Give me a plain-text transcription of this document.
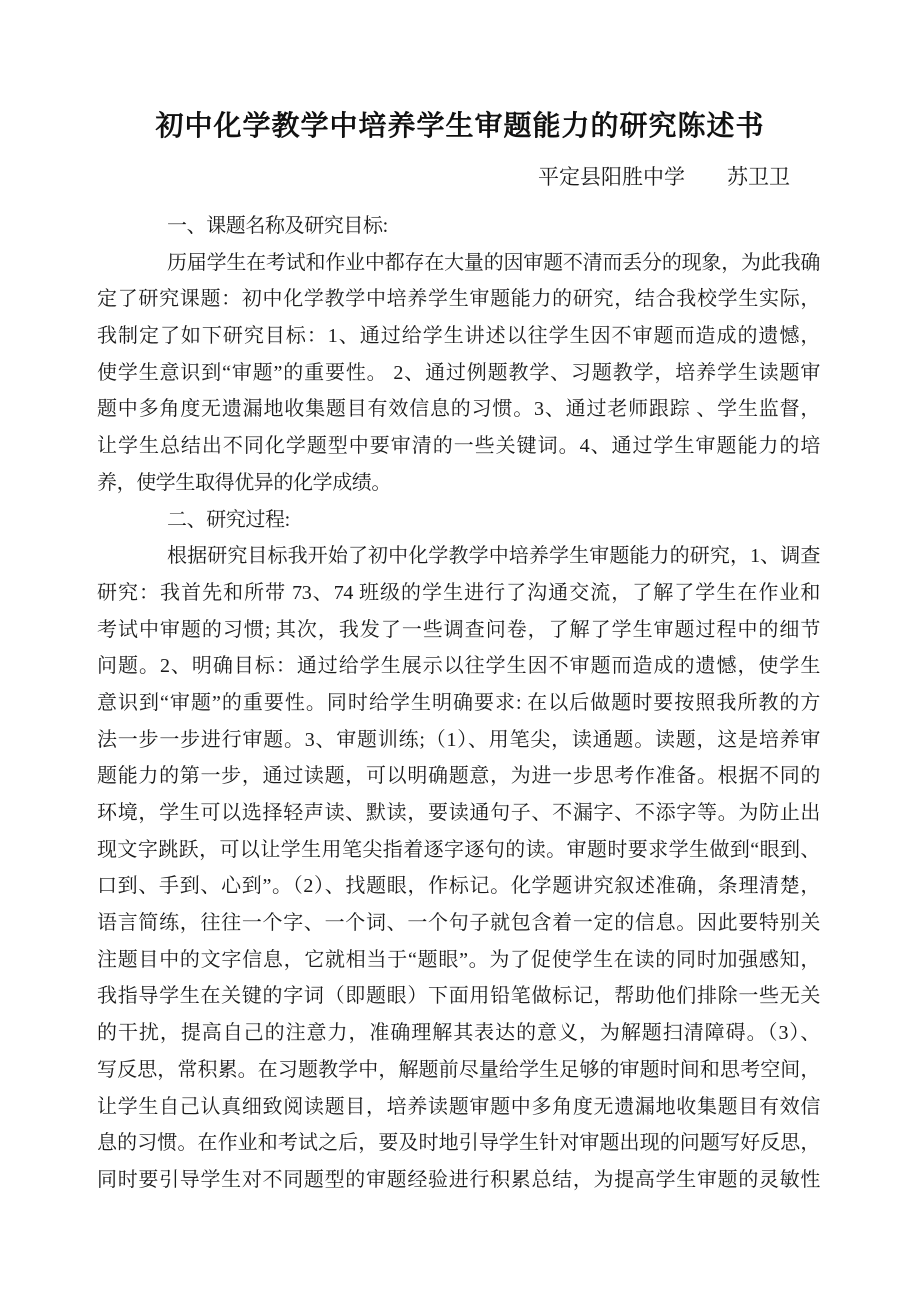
初中化学教学中培养学生审题能力的研究陈述书
平定县阳胜中学　　苏卫卫
一、课题名称及研究目标:
历届学生在考试和作业中都存在大量的因审题不清而丢分的现象，为此我确
定了研究课题：初中化学教学中培养学生审题能力的研究，结合我校学生实际，
我制定了如下研究目标：1、通过给学生讲述以往学生因不审题而造成的遗憾，
使学生意识到“审题”的重要性。 2、通过例题教学、习题教学，培养学生读题审
题中多角度无遗漏地收集题目有效信息的习惯。3、通过老师跟踪 、学生监督，
让学生总结出不同化学题型中要审清的一些关键词。4、通过学生审题能力的培
养，使学生取得优异的化学成绩。
二、研究过程:
根据研究目标我开始了初中化学教学中培养学生审题能力的研究，1、调查
研究：我首先和所带 73、74 班级的学生进行了沟通交流，了解了学生在作业和
考试中审题的习惯; 其次，我发了一些调查问卷，了解了学生审题过程中的细节
问题。2、明确目标：通过给学生展示以往学生因不审题而造成的遗憾，使学生
意识到“审题”的重要性。同时给学生明确要求: 在以后做题时要按照我所教的方
法一步一步进行审题。3、审题训练;（1）、用笔尖，读通题。读题，这是培养审
题能力的第一步，通过读题，可以明确题意，为进一步思考作准备。根据不同的
环境，学生可以选择轻声读、默读，要读通句子、不漏字、不添字等。为防止出
现文字跳跃，可以让学生用笔尖指着逐字逐句的读。审题时要求学生做到“眼到、
口到、手到、心到”。（2）、找题眼，作标记。化学题讲究叙述准确，条理清楚，
语言简练，往往一个字、一个词、一个句子就包含着一定的信息。因此要特别关
注题目中的文字信息，它就相当于“题眼”。为了促使学生在读的同时加强感知，
我指导学生在关键的字词（即题眼）下面用铅笔做标记，帮助他们排除一些无关
的干扰，提高自己的注意力，准确理解其表达的意义，为解题扫清障碍。（3）、
写反思，常积累。在习题教学中，解题前尽量给学生足够的审题时间和思考空间，
让学生自己认真细致阅读题目，培养读题审题中多角度无遗漏地收集题目有效信
息的习惯。在作业和考试之后，要及时地引导学生针对审题出现的问题写好反思，
同时要引导学生对不同题型的审题经验进行积累总结，为提高学生审题的灵敏性
